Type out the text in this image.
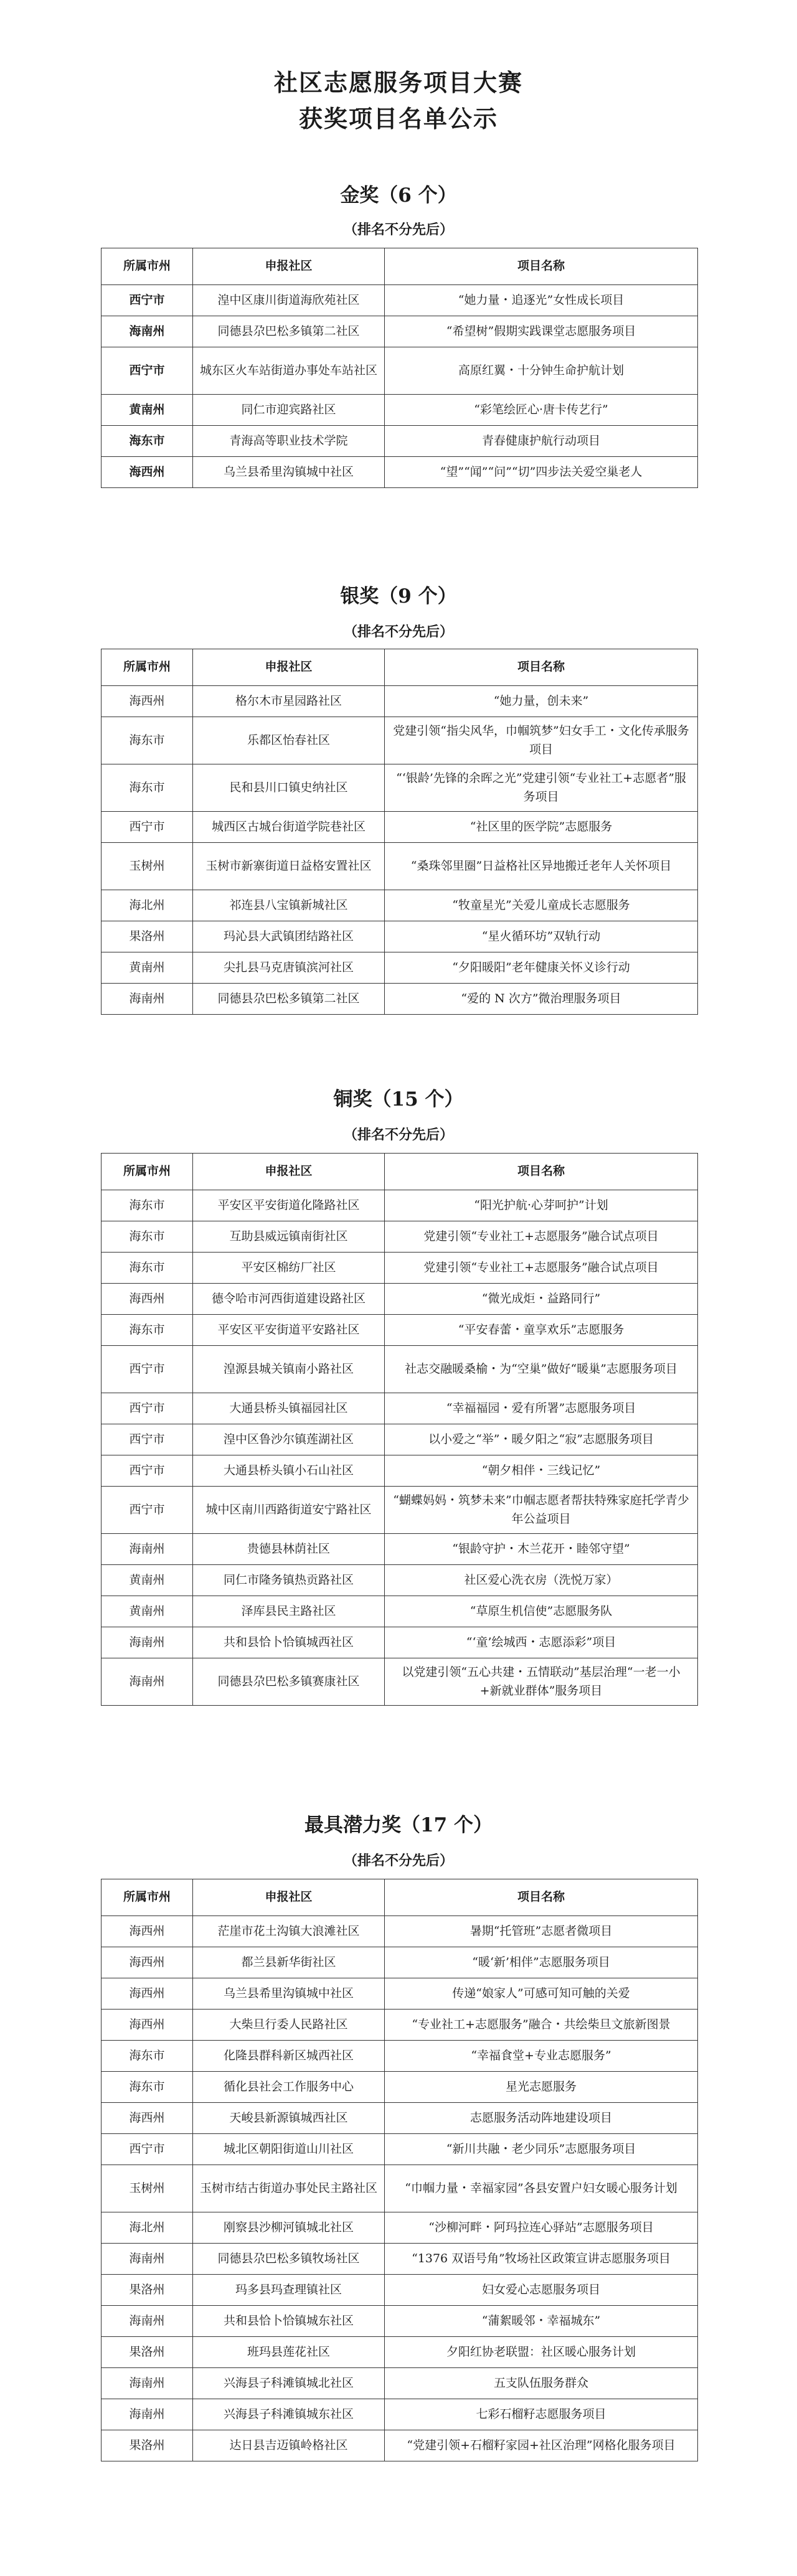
社区志愿服务项目大赛
获奖项目名单公示
金奖（6 个）
（排名不分先后）
所属市州	申报社区	项目名称
西宁市	湟中区康川街道海欣苑社区	“她力量・追逐光”女性成长项目
海南州	同德县尕巴松多镇第二社区	“希望树”假期实践课堂志愿服务项目
西宁市	城东区火车站街道办事处车站社区	高原红翼・十分钟生命护航计划
黄南州	同仁市迎宾路社区	“彩笔绘匠心·唐卡传艺行”
海东市	青海高等职业技术学院	青春健康护航行动项目
海西州	乌兰县希里沟镇城中社区	“望”“闻”“问”“切”四步法关爱空巢老人
银奖（9 个）
（排名不分先后）
所属市州	申报社区	项目名称
海西州	格尔木市星园路社区	“她力量，创未来”
海东市	乐都区怡春社区	党建引领“指尖风华，巾帼筑梦”妇女手工・文化传承服务项目
海东市	民和县川口镇史纳社区	“‘银龄’先锋的余晖之光”党建引领“专业社工+志愿者”服务项目
西宁市	城西区古城台街道学院巷社区	“社区里的医学院”志愿服务
玉树州	玉树市新寨街道日益格安置社区	“桑珠邻里圈”日益格社区异地搬迁老年人关怀项目
海北州	祁连县八宝镇新城社区	“牧童星光”关爱儿童成长志愿服务
果洛州	玛沁县大武镇团结路社区	“星火循环坊”双轨行动
黄南州	尖扎县马克唐镇滨河社区	“夕阳暖阳”老年健康关怀义诊行动
海南州	同德县尕巴松多镇第二社区	“爱的 N 次方”微治理服务项目
铜奖（15 个）
（排名不分先后）
所属市州	申报社区	项目名称
海东市	平安区平安街道化隆路社区	“阳光护航·心芽呵护”计划
海东市	互助县威远镇南街社区	党建引领“专业社工+志愿服务”融合试点项目
海东市	平安区棉纺厂社区	党建引领“专业社工+志愿服务”融合试点项目
海西州	德令哈市河西街道建设路社区	“微光成炬・益路同行”
海东市	平安区平安街道平安路社区	“平安春蕾・童享欢乐”志愿服务
西宁市	湟源县城关镇南小路社区	社志交融暖桑榆・为“空巢”做好“暖巢”志愿服务项目
西宁市	大通县桥头镇福园社区	“幸福福园・爱有所署”志愿服务项目
西宁市	湟中区鲁沙尔镇莲湖社区	以小爱之“举”・暖夕阳之“寂”志愿服务项目
西宁市	大通县桥头镇小石山社区	“朝夕相伴・三线记忆”
西宁市	城中区南川西路街道安宁路社区	“蝴蝶妈妈・筑梦未来”巾帼志愿者帮扶特殊家庭托学青少年公益项目
海南州	贵德县林荫社区	“银龄守护・木兰花开・睦邻守望”
黄南州	同仁市隆务镇热贡路社区	社区爱心洗衣房（洗悦万家）
黄南州	泽库县民主路社区	“草原生机信使”志愿服务队
海南州	共和县恰卜恰镇城西社区	“‘童’绘城西・志愿添彩”项目
海南州	同德县尕巴松多镇赛康社区	以党建引领“五心共建・五情联动”基层治理“一老一小+新就业群体”服务项目
最具潜力奖（17 个）
（排名不分先后）
所属市州	申报社区	项目名称
海西州	茫崖市花土沟镇大浪滩社区	暑期“托管班”志愿者微项目
海西州	都兰县新华街社区	“暖‘新’相伴”志愿服务项目
海西州	乌兰县希里沟镇城中社区	传递“娘家人”可感可知可触的关爱
海西州	大柴旦行委人民路社区	“专业社工+志愿服务”融合・共绘柴旦文旅新图景
海东市	化隆县群科新区城西社区	“幸福食堂+专业志愿服务”
海东市	循化县社会工作服务中心	星光志愿服务
海西州	天峻县新源镇城西社区	志愿服务活动阵地建设项目
西宁市	城北区朝阳街道山川社区	“新川共融・老少同乐”志愿服务项目
玉树州	玉树市结古街道办事处民主路社区	“巾帼力量・幸福家园”各县安置户妇女暖心服务计划
海北州	刚察县沙柳河镇城北社区	“沙柳河畔・阿玛拉连心驿站”志愿服务项目
海南州	同德县尕巴松多镇牧场社区	“1376 双语号角”牧场社区政策宣讲志愿服务项目
果洛州	玛多县玛查理镇社区	妇女爱心志愿服务项目
海南州	共和县恰卜恰镇城东社区	“蒲絮暖邻・幸福城东”
果洛州	班玛县莲花社区	夕阳红协老联盟：社区暖心服务计划
海南州	兴海县子科滩镇城北社区	五支队伍服务群众
海南州	兴海县子科滩镇城东社区	七彩石榴籽志愿服务项目
果洛州	达日县吉迈镇岭格社区	“党建引领+石榴籽家园+社区治理”网格化服务项目
